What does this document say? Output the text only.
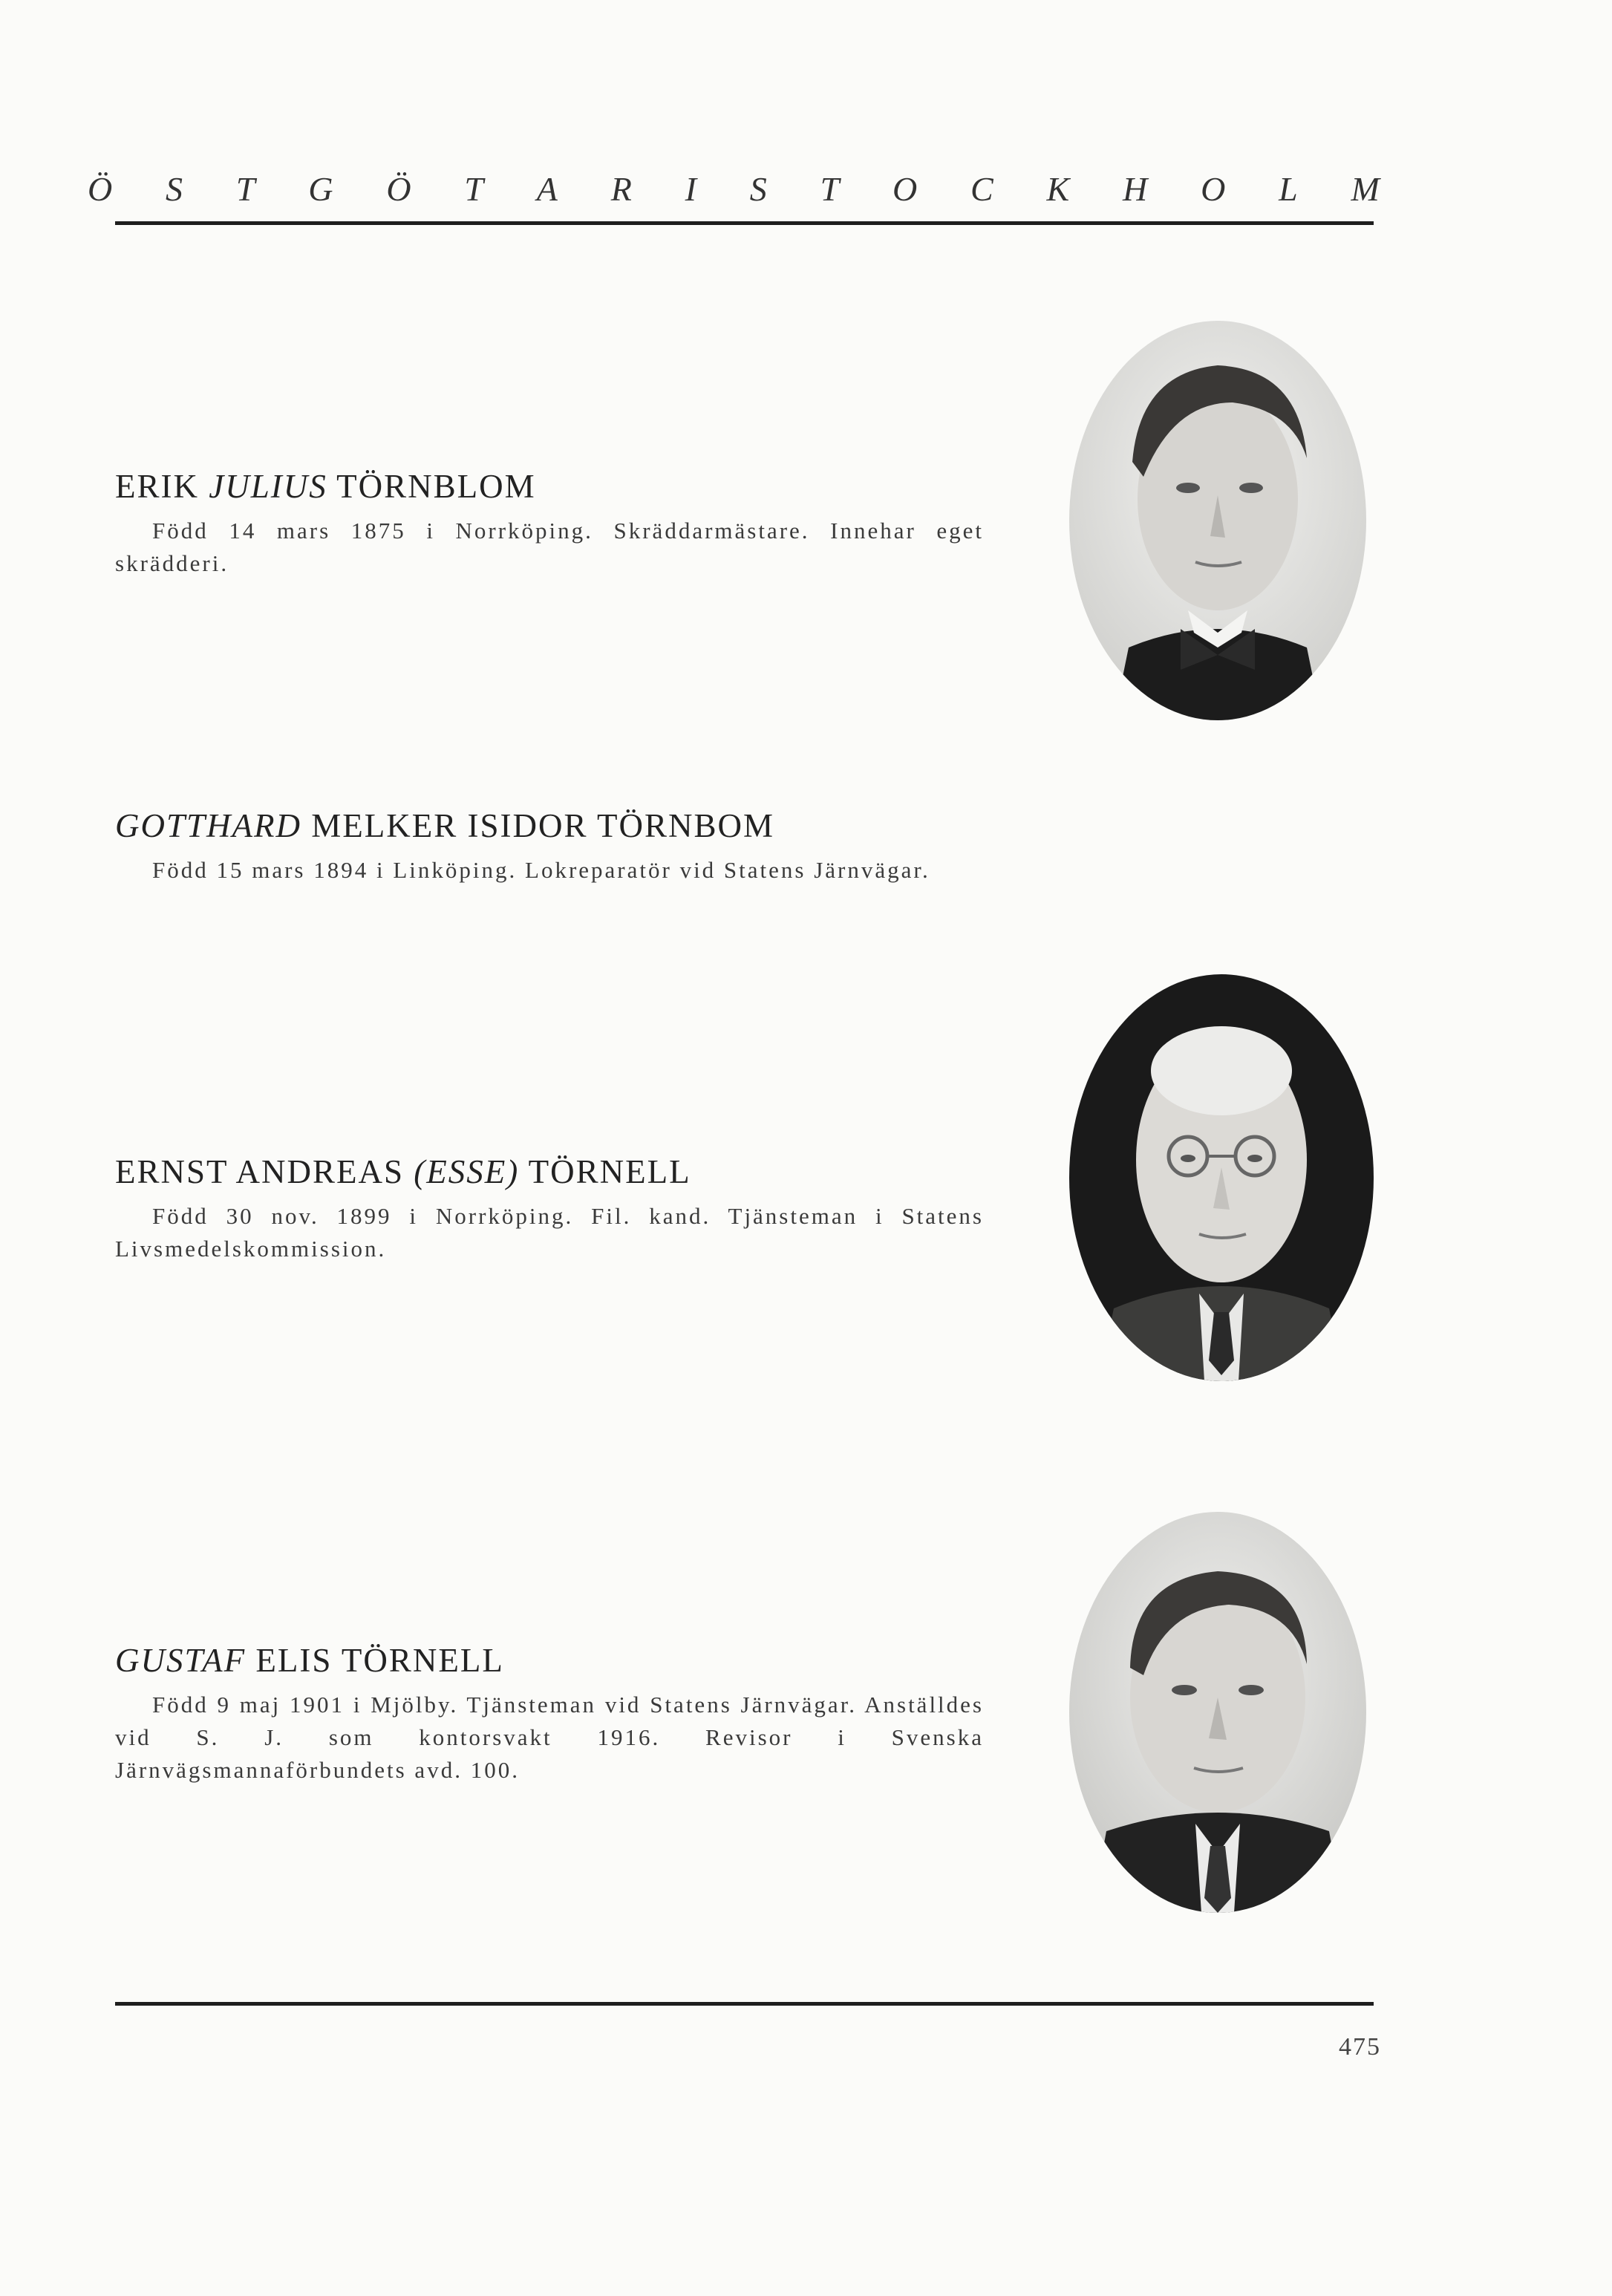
Ö S T G Ö T A R I S T O C K H O L M
ERIK JULIUS TÖRNBLOM

Född 14 mars 1875 i Norrköping. Skräddarmästare. Innehar eget skrädderi.

GOTTHARD MELKER ISIDOR TÖRNBOM

Född 15 mars 1894 i Linköping. Lokreparatör vid Statens Järnvägar.

ERNST ANDREAS (ESSE) TÖRNELL

Född 30 nov. 1899 i Norrköping. Fil. kand. Tjänsteman i Statens Livsmedelskommission.

GUSTAF ELIS TÖRNELL

Född 9 maj 1901 i Mjölby. Tjänsteman vid Statens Järnvägar. Anställdes vid S. J. som kontorsvakt 1916. Revisor i Svenska Järnvägsmannaförbundets avd. 100.

475
